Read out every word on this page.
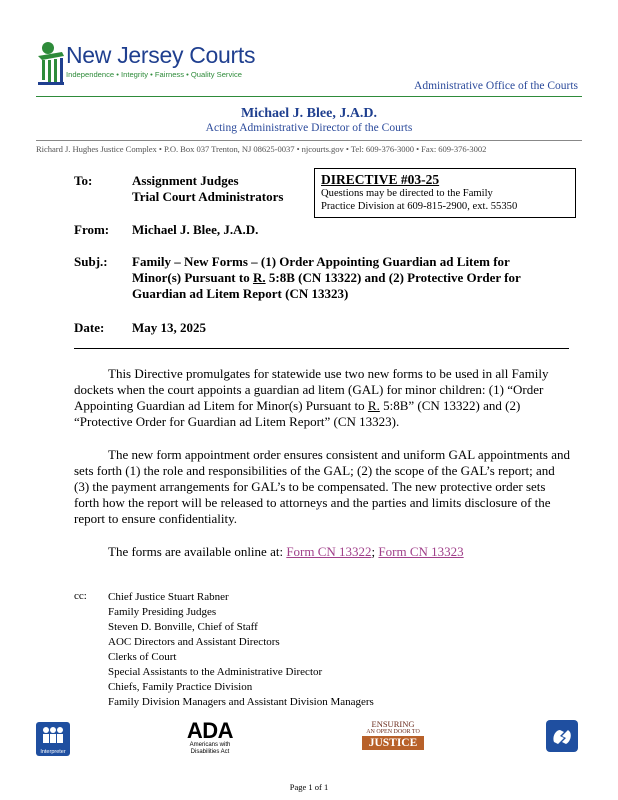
New Jersey Courts
Independence • Integrity • Fairness • Quality Service
Administrative Office of the Courts
Michael J. Blee, J.A.D.
Acting Administrative Director of the Courts
Richard J. Hughes Justice Complex • P.O. Box 037 Trenton, NJ 08625-0037 • njcourts.gov • Tel: 609-376-3000 • Fax: 609-376-3002
To:	Assignment Judges
Trial Court Administrators
DIRECTIVE #03-25
Questions may be directed to the Family
Practice Division at 609-815-2900, ext. 55350
From: Michael J. Blee, J.A.D.
Subj.: Family – New Forms – (1) Order Appointing Guardian ad Litem for
Minor(s) Pursuant to R. 5:8B (CN 13322) and (2) Protective Order for
Guardian ad Litem Report (CN 13323)
Date: May 13, 2025
This Directive promulgates for statewide use two new forms to be used in all Family dockets when the court appoints a guardian ad litem (GAL) for minor children: (1) “Order Appointing Guardian ad Litem for Minor(s) Pursuant to R. 5:8B” (CN 13322) and (2) “Protective Order for Guardian ad Litem Report” (CN 13323).
The new form appointment order ensures consistent and uniform GAL appointments and sets forth (1) the role and responsibilities of the GAL; (2) the scope of the GAL’s report; and (3) the payment arrangements for GAL’s to be compensated. The new protective order sets forth how the report will be released to attorneys and the parties and limits disclosure of the report to ensure confidentiality.
The forms are available online at: Form CN 13322; Form CN 13323
cc: Chief Justice Stuart Rabner
Family Presiding Judges
Steven D. Bonville, Chief of Staff
AOC Directors and Assistant Directors
Clerks of Court
Special Assistants to the Administrative Director
Chiefs, Family Practice Division
Family Division Managers and Assistant Division Managers
Interpreter
ADA
Americans with
Disabilities Act
ENSURING
AN OPEN DOOR TO
JUSTICE
Page 1 of 1
